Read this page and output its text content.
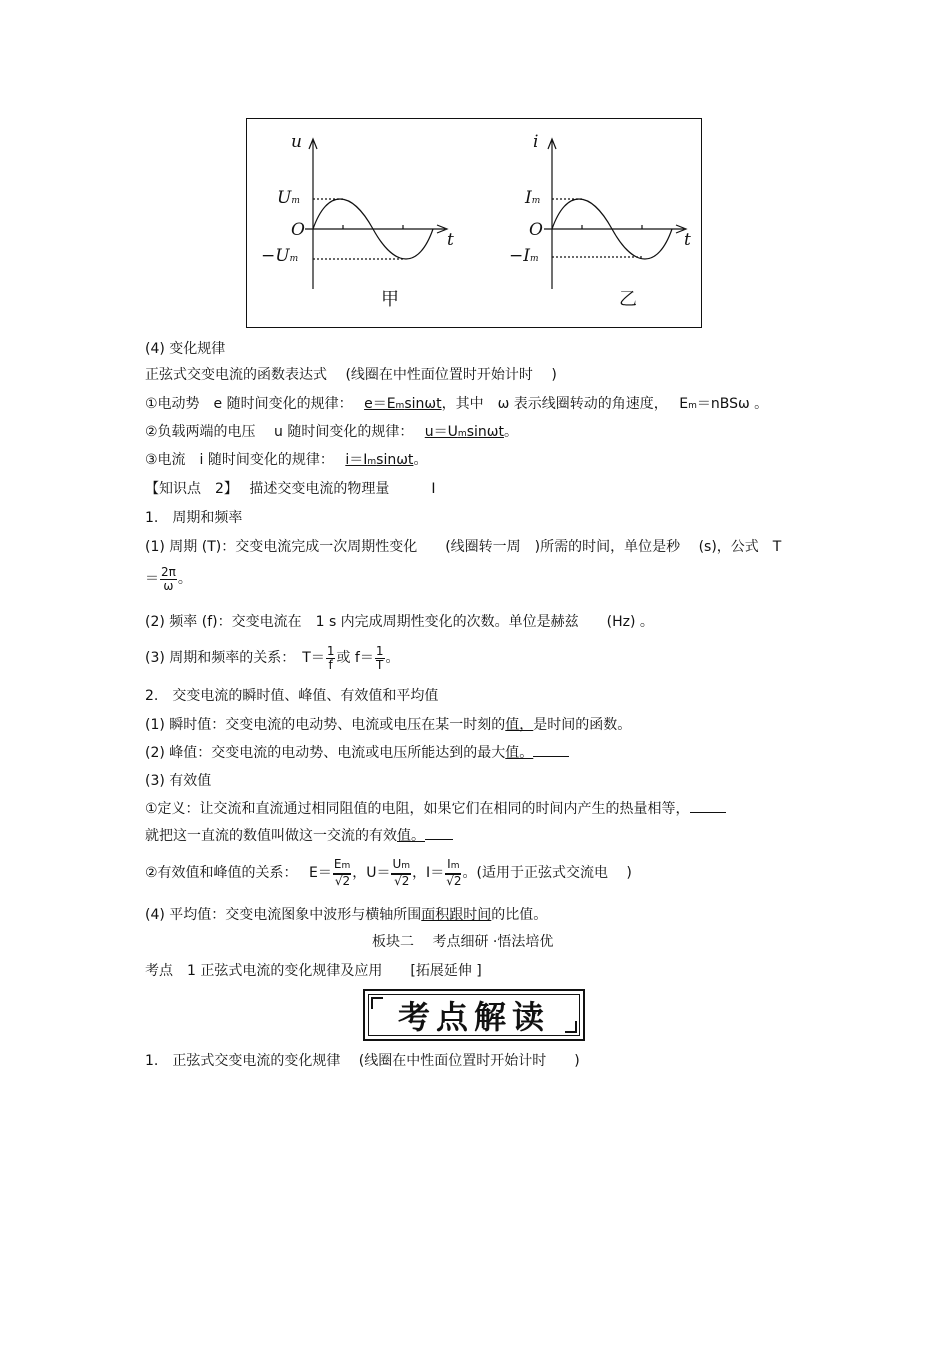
u
Um
O
−Um
t
甲
i
Im
O
−Im
t
乙
(4) 变化规律
正弦式交变电流的函数表达式　 (线圈在中性面位置时开始计时　 )
①电动势　e 随时间变化的规律：　 e＝Emsinωt，其中　ω 表示线圈转动的角速度，　 Em＝nBSω 。
②负载两端的电压　 u 随时间变化的规律：　 u＝Umsinωt。
③电流　i 随时间变化的规律：　 i＝Imsinωt。
【知识点　2】　 描述交变电流的物理量　　　Ⅰ
1.　周期和频率
(1) 周期 (T)：交变电流完成一次周期性变化　　(线圈转一周　)所需的时间，单位是秒　 (s)，公式　T
＝ $\frac{2\pi}{\omega}$ 。
(2) 频率 (f)：交变电流在　1 s 内完成周期性变化的次数。单位是赫兹　　(Hz) 。
(3) 周期和频率的关系：　$T= \frac{1}{f}$ 或 $f= \frac{1}{T}$ 。
2.　交变电流的瞬时值、峰值、有效值和平均值
(1) 瞬时值：交变电流的电动势、电流或电压在某一时刻的值，是时间的函数。
(2) 峰值：交变电流的电动势、电流或电压所能达到的最大值。
(3) 有效值
①定义：让交流和直流通过相同阻值的电阻，如果它们在相同的时间内产生的热量相等，
就把这一直流的数值叫做这一交流的有效值。
②有效值和峰值的关系：　 $E= \frac{Em}{√2}$ ，$U= \frac{Um}{√2}$ ，$I= \frac{Im}{√2}$ 。(适用于正弦式交流电　 )
(4) 平均值：交变电流图象中波形与横轴所围面积跟时间的比值。
板块二　 考点细研 ·悟法培优
考点　1 正弦式电流的变化规律及应用　　[拓展延伸 ]
考点解读
1.　正弦式交变电流的变化规律　 (线圈在中性面位置时开始计时　　)
